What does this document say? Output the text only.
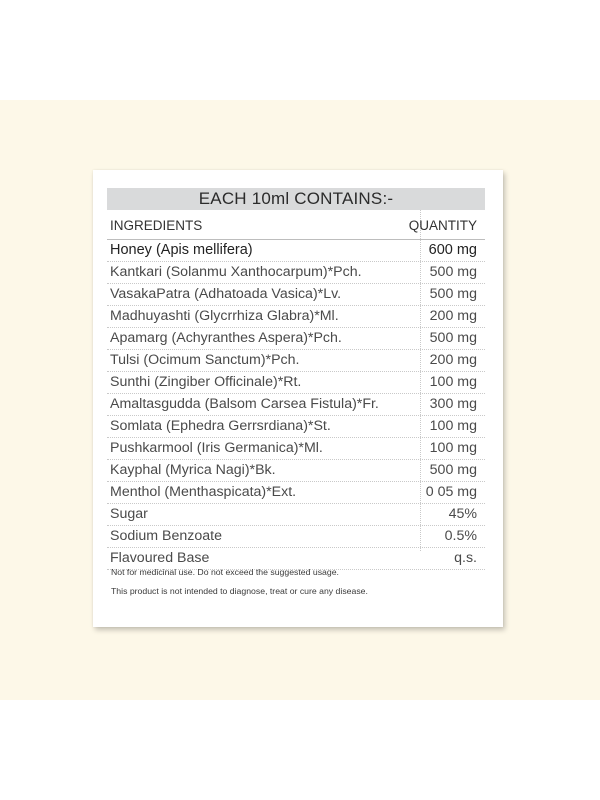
EACH 10ml CONTAINS:-
INGREDIENTS	QUANTITY
Honey (Apis mellifera)	600 mg
Kantkari (Solanmu Xanthocarpum)*Pch.	500 mg
VasakaPatra (Adhatoada Vasica)*Lv.	500 mg
Madhuyashti (Glycrrhiza Glabra)*Ml.	200 mg
Apamarg (Achyranthes Aspera)*Pch.	500 mg
Tulsi (Ocimum Sanctum)*Pch.	200 mg
Sunthi (Zingiber Officinale)*Rt.	100 mg
Amaltasgudda (Balsom Carsea Fistula)*Fr.	300 mg
Somlata (Ephedra Gerrsrdiana)*St.	100 mg
Pushkarmool (Iris Germanica)*Ml.	100 mg
Kayphal (Myrica Nagi)*Bk.	500 mg
Menthol (Menthaspicata)*Ext.	0 05 mg
Sugar	45%
Sodium Benzoate	0.5%
Flavoured Base	q.s.
Not for medicinal use. Do not exceed the suggested usage.
This product is not intended to diagnose, treat or cure any disease.
